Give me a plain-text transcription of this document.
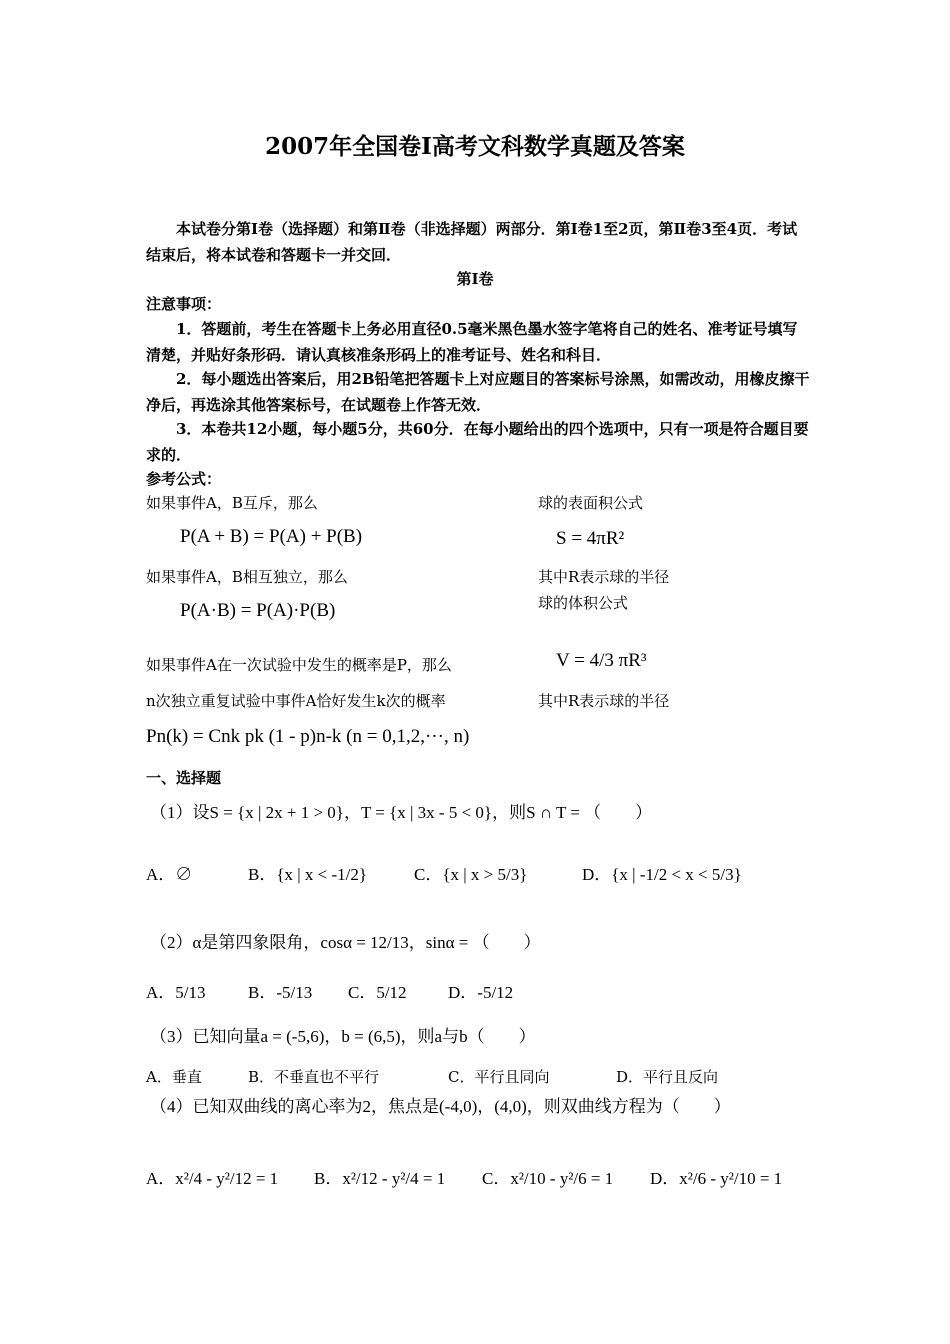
2007年全国卷Ⅰ高考文科数学真题及答案
本试卷分第Ⅰ卷（选择题）和第Ⅱ卷（非选择题）两部分．第Ⅰ卷1至2页，第Ⅱ卷3至4页．考试结束后，将本试卷和答题卡一并交回．
第Ⅰ卷
注意事项：
1．答题前，考生在答题卡上务必用直径0.5毫米黑色墨水签字笔将自己的姓名、准考证号填写清楚，并贴好条形码．请认真核准条形码上的准考证号、姓名和科目．
2．每小题选出答案后，用2B铅笔把答题卡上对应题目的答案标号涂黑，如需改动，用橡皮擦干净后，再选涂其他答案标号，在试题卷上作答无效．
3．本卷共12小题，每小题5分，共60分．在每小题给出的四个选项中，只有一项是符合题目要求的．
参考公式：
如果事件A，B互斥，那么
P(A + B) = P(A) + P(B)
如果事件A，B相互独立，那么
P(A·B) = P(A)·P(B)
如果事件A在一次试验中发生的概率是P，那么
n次独立重复试验中事件A恰好发生k次的概率
Pn(k) = Cnk pk (1 - p)n-k (n = 0,1,2,···, n)
球的表面积公式
S = 4πR²
其中R表示球的半径
球的体积公式
V = 4/3 πR³
其中R表示球的半径
一、选择题
（1）设S = {x | 2x + 1 > 0}，T = {x | 3x - 5 < 0}，则S ∩ T = （　　）
A．∅	B．{x | x < -1/2}	C．{x | x > 5/3}	D．{x | -1/2 < x < 5/3}
（2）α是第四象限角，cosα = 12/13，sinα = （　　）
A．5/13	B．-5/13 C．5/12 D．-5/12
（3）已知向量a = (-5,6)，b = (6,5)，则a与b（　　）
A．垂直	B．不垂直也不平行	C．平行且同向	D．平行且反向
（4）已知双曲线的离心率为2，焦点是(-4,0)，(4,0)，则双曲线方程为（　　）
A．x²/4 - y²/12 = 1 B．x²/12 - y²/4 = 1 C．x²/10 - y²/6 = 1 D．x²/6 - y²/10 = 1
